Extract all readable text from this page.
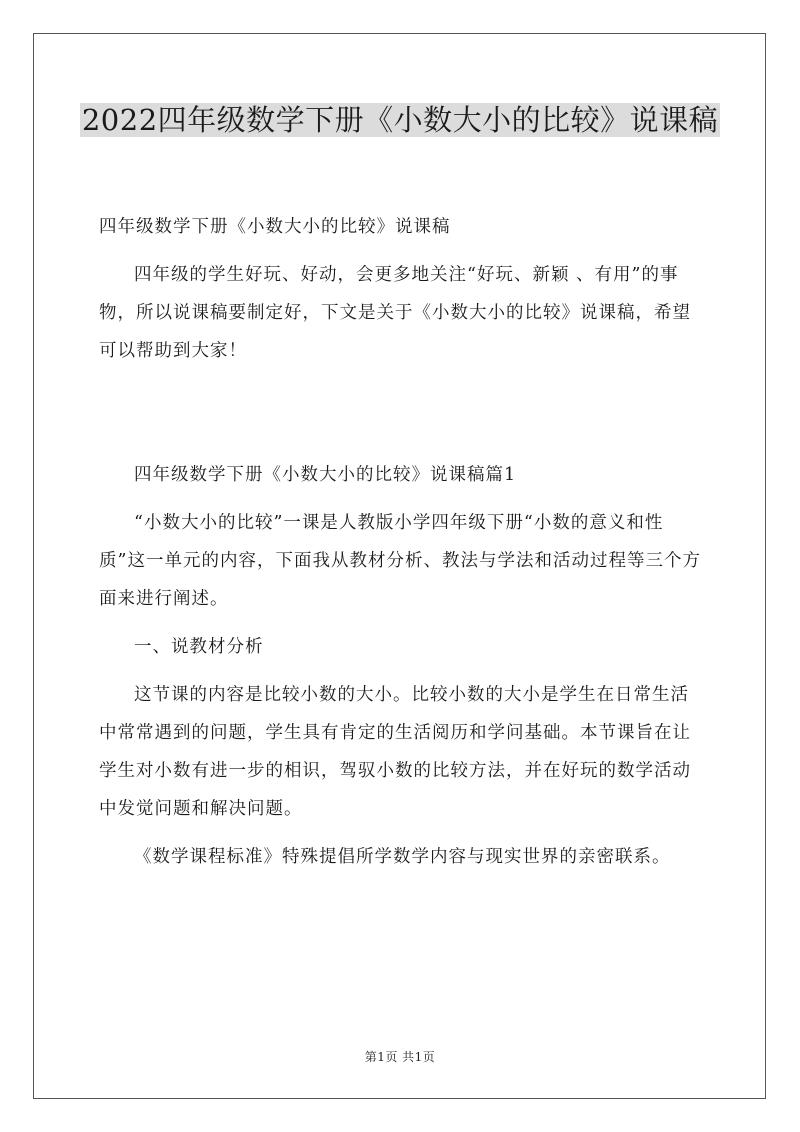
2022四年级数学下册《小数大小的比较》说课稿

四年级数学下册《小数大小的比较》说课稿

四年级的学生好玩、好动，会更多地关注“好玩、新颖 、有用”的事物，所以说课稿要制定好，下文是关于《小数大小的比较》说课稿，希望可以帮助到大家！

四年级数学下册《小数大小的比较》说课稿篇1

“小数大小的比较”一课是人教版小学四年级下册“小数的意义和性质”这一单元的内容，下面我从教材分析、教法与学法和活动过程等三个方面来进行阐述。

一、说教材分析

这节课的内容是比较小数的大小。比较小数的大小是学生在日常生活中常常遇到的问题，学生具有肯定的生活阅历和学问基础。本节课旨在让学生对小数有进一步的相识，驾驭小数的比较方法，并在好玩的数学活动中发觉问题和解决问题。

《数学课程标准》特殊提倡所学数学内容与现实世界的亲密联系。

第1页 共1页
